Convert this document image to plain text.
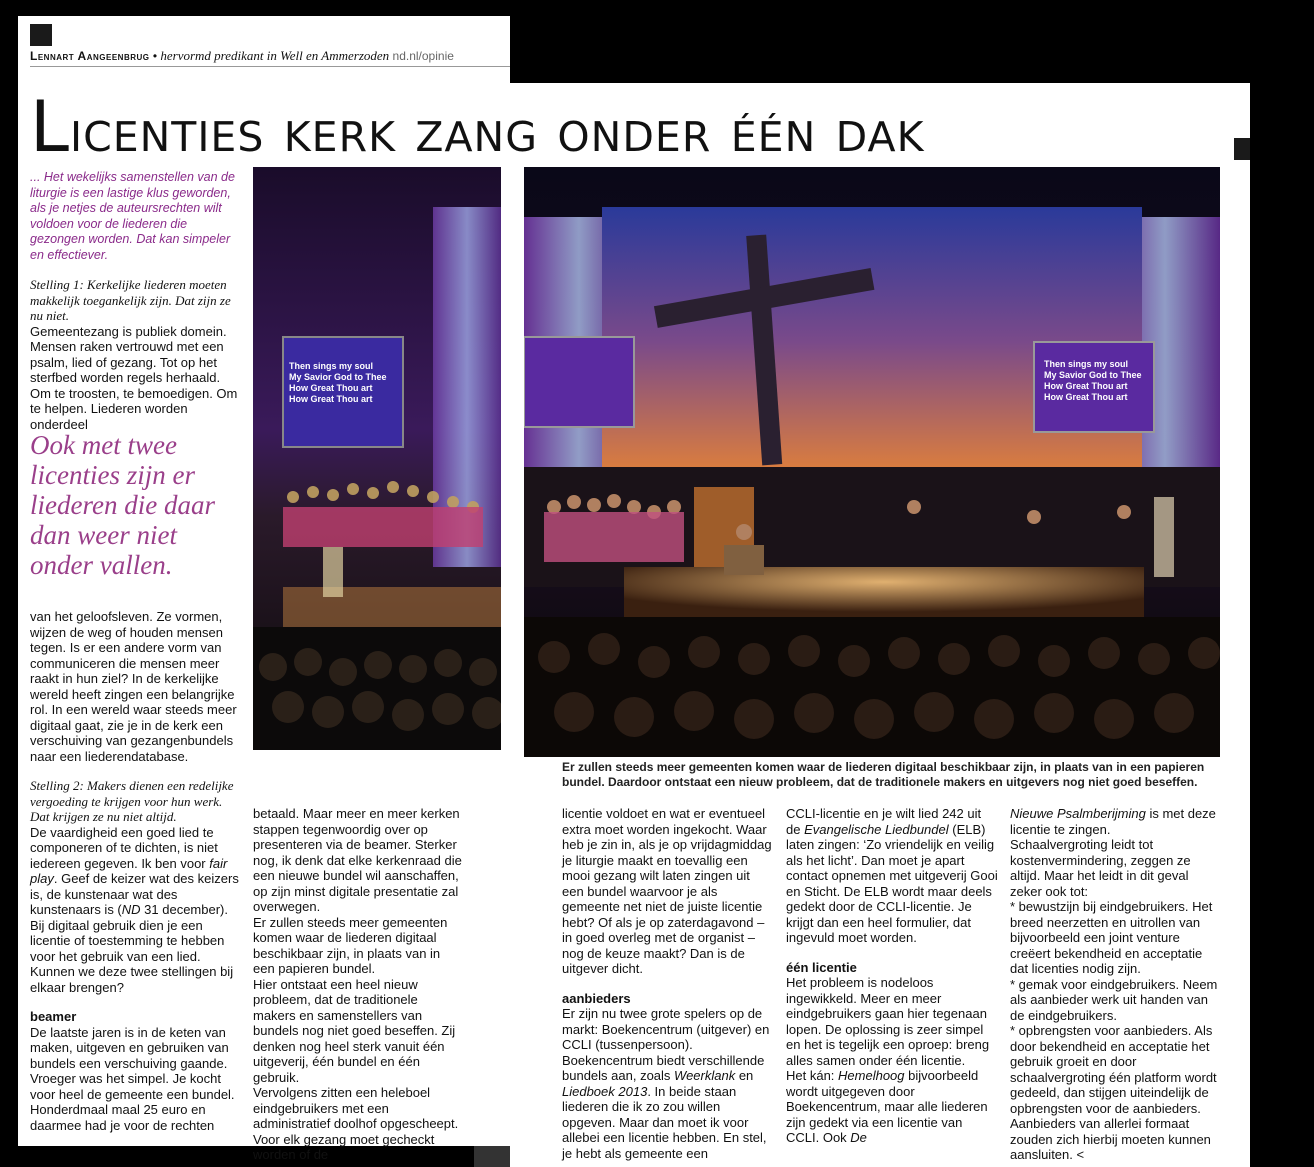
Lennart Aangeenbrug • hervormd predikant in Well en Ammerzoden nd.nl/opinie
Licenties kerk zang onder één dak

... Het wekelijks samenstellen van de liturgie is een lastige klus geworden, als je netjes de auteursrechten wilt voldoen voor de liederen die gezongen worden. Dat kan simpeler en effectiever.

Stelling 1: Kerkelijke liederen moeten makkelijk toegankelijk zijn. Dat zijn ze nu niet.

Gemeentezang is publiek domein. Mensen raken vertrouwd met een psalm, lied of gezang. Tot op het sterfbed worden regels herhaald. Om te troosten, te bemoedigen. Om te helpen. Liederen worden onderdeel

Ook met twee licenties zijn er liederen die daar dan weer niet onder vallen.

van het geloofsleven. Ze vormen, wijzen de weg of houden mensen tegen. Is er een andere vorm van communiceren die mensen meer raakt in hun ziel? In de kerkelijke wereld heeft zingen een belangrijke rol. In een wereld waar steeds meer digitaal gaat, zie je in de kerk een verschuiving van gezangenbundels naar een liederendatabase.

Stelling 2: Makers dienen een redelijke vergoeding te krijgen voor hun werk. Dat krijgen ze nu niet altijd.

De vaardigheid een goed lied te componeren of te dichten, is niet iedereen gegeven. Ik ben voor fair play. Geef de keizer wat des keizers is, de kunstenaar wat des kunstenaars is (ND 31 december). Bij digitaal gebruik dien je een licentie of toestemming te hebben voor het gebruik van een lied.

Kunnen we deze twee stellingen bij elkaar brengen?

beamer

De laatste jaren is in de keten van maken, uitgeven en gebruiken van bundels een verschuiving gaande. Vroeger was het simpel. Je kocht voor heel de gemeente een bundel. Honderdmaal maal 25 euro en daarmee had je voor de rechten

Then sings my soul
My Savior God to Thee
How Great Thou art
How Great Thou art
Then sings my soul
My Savior God to Thee
How Great Thou art
How Great Thou art
Er zullen steeds meer gemeenten komen waar de liederen digitaal beschikbaar zijn, in plaats van in een papieren bundel. Daardoor ontstaat een nieuw probleem, dat de traditionele makers en uitgevers nog niet goed beseffen.

betaald. Maar meer en meer kerken stappen tegenwoordig over op presenteren via de beamer. Sterker nog, ik denk dat elke kerkenraad die een nieuwe bundel wil aanschaffen, op zijn minst digitale presentatie zal overwegen.

Er zullen steeds meer gemeenten komen waar de liederen digitaal beschikbaar zijn, in plaats van in een papieren bundel.

Hier ontstaat een heel nieuw probleem, dat de traditionele makers en samenstellers van bundels nog niet goed beseffen. Zij denken nog heel sterk vanuit één uitgeverij, één bundel en één gebruik.

Vervolgens zitten een heleboel eindgebruikers met een administratief doolhof opgescheept. Voor elk gezang moet gecheckt worden of de

licentie voldoet en wat er eventueel extra moet worden ingekocht. Waar heb je zin in, als je op vrijdagmiddag je liturgie maakt en toevallig een mooi gezang wilt laten zingen uit een bundel waarvoor je als gemeente net niet de juiste licentie hebt? Of als je op zaterdagavond – in goed overleg met de organist – nog de keuze maakt? Dan is de uitgever dicht.

aanbieders

Er zijn nu twee grote spelers op de markt: Boekencentrum (uitgever) en CCLI (tussenpersoon). Boekencentrum biedt verschillende bundels aan, zoals Weerklank en Liedboek 2013. In beide staan liederen die ik zo zou willen opgeven. Maar dan moet ik voor allebei een licentie hebben. En stel, je hebt als gemeente een

CCLI-licentie en je wilt lied 242 uit de Evangelische Liedbundel (ELB) laten zingen: ‘Zo vriendelijk en veilig als het licht’. Dan moet je apart contact opnemen met uitgeverij Gooi en Sticht. De ELB wordt maar deels gedekt door de CCLI-licentie. Je krijgt dan een heel formulier, dat ingevuld moet worden.

één licentie

Het probleem is nodeloos ingewikkeld. Meer en meer eindgebruikers gaan hier tegenaan lopen. De oplossing is zeer simpel en het is tegelijk een oproep: breng alles samen onder één licentie.

Het kán: Hemelhoog bijvoorbeeld wordt uitgegeven door Boekencentrum, maar alle liederen zijn gedekt via een licentie van CCLI. Ook De

Nieuwe Psalmberijming is met deze licentie te zingen.

Schaalvergroting leidt tot kostenvermindering, zeggen ze altijd. Maar het leidt in dit geval zeker ook tot:

* bewustzijn bij eindgebruikers. Het breed neerzetten en uitrollen van bijvoorbeeld een joint venture creëert bekendheid en acceptatie dat licenties nodig zijn.

* gemak voor eindgebruikers. Neem als aanbieder werk uit handen van de eindgebruikers.

* opbrengsten voor aanbieders. Als door bekendheid en acceptatie het gebruik groeit en door schaalvergroting één platform wordt gedeeld, dan stijgen uiteindelijk de opbrengsten voor de aanbieders. Aanbieders van allerlei formaat zouden zich hierbij moeten kunnen aansluiten. <
